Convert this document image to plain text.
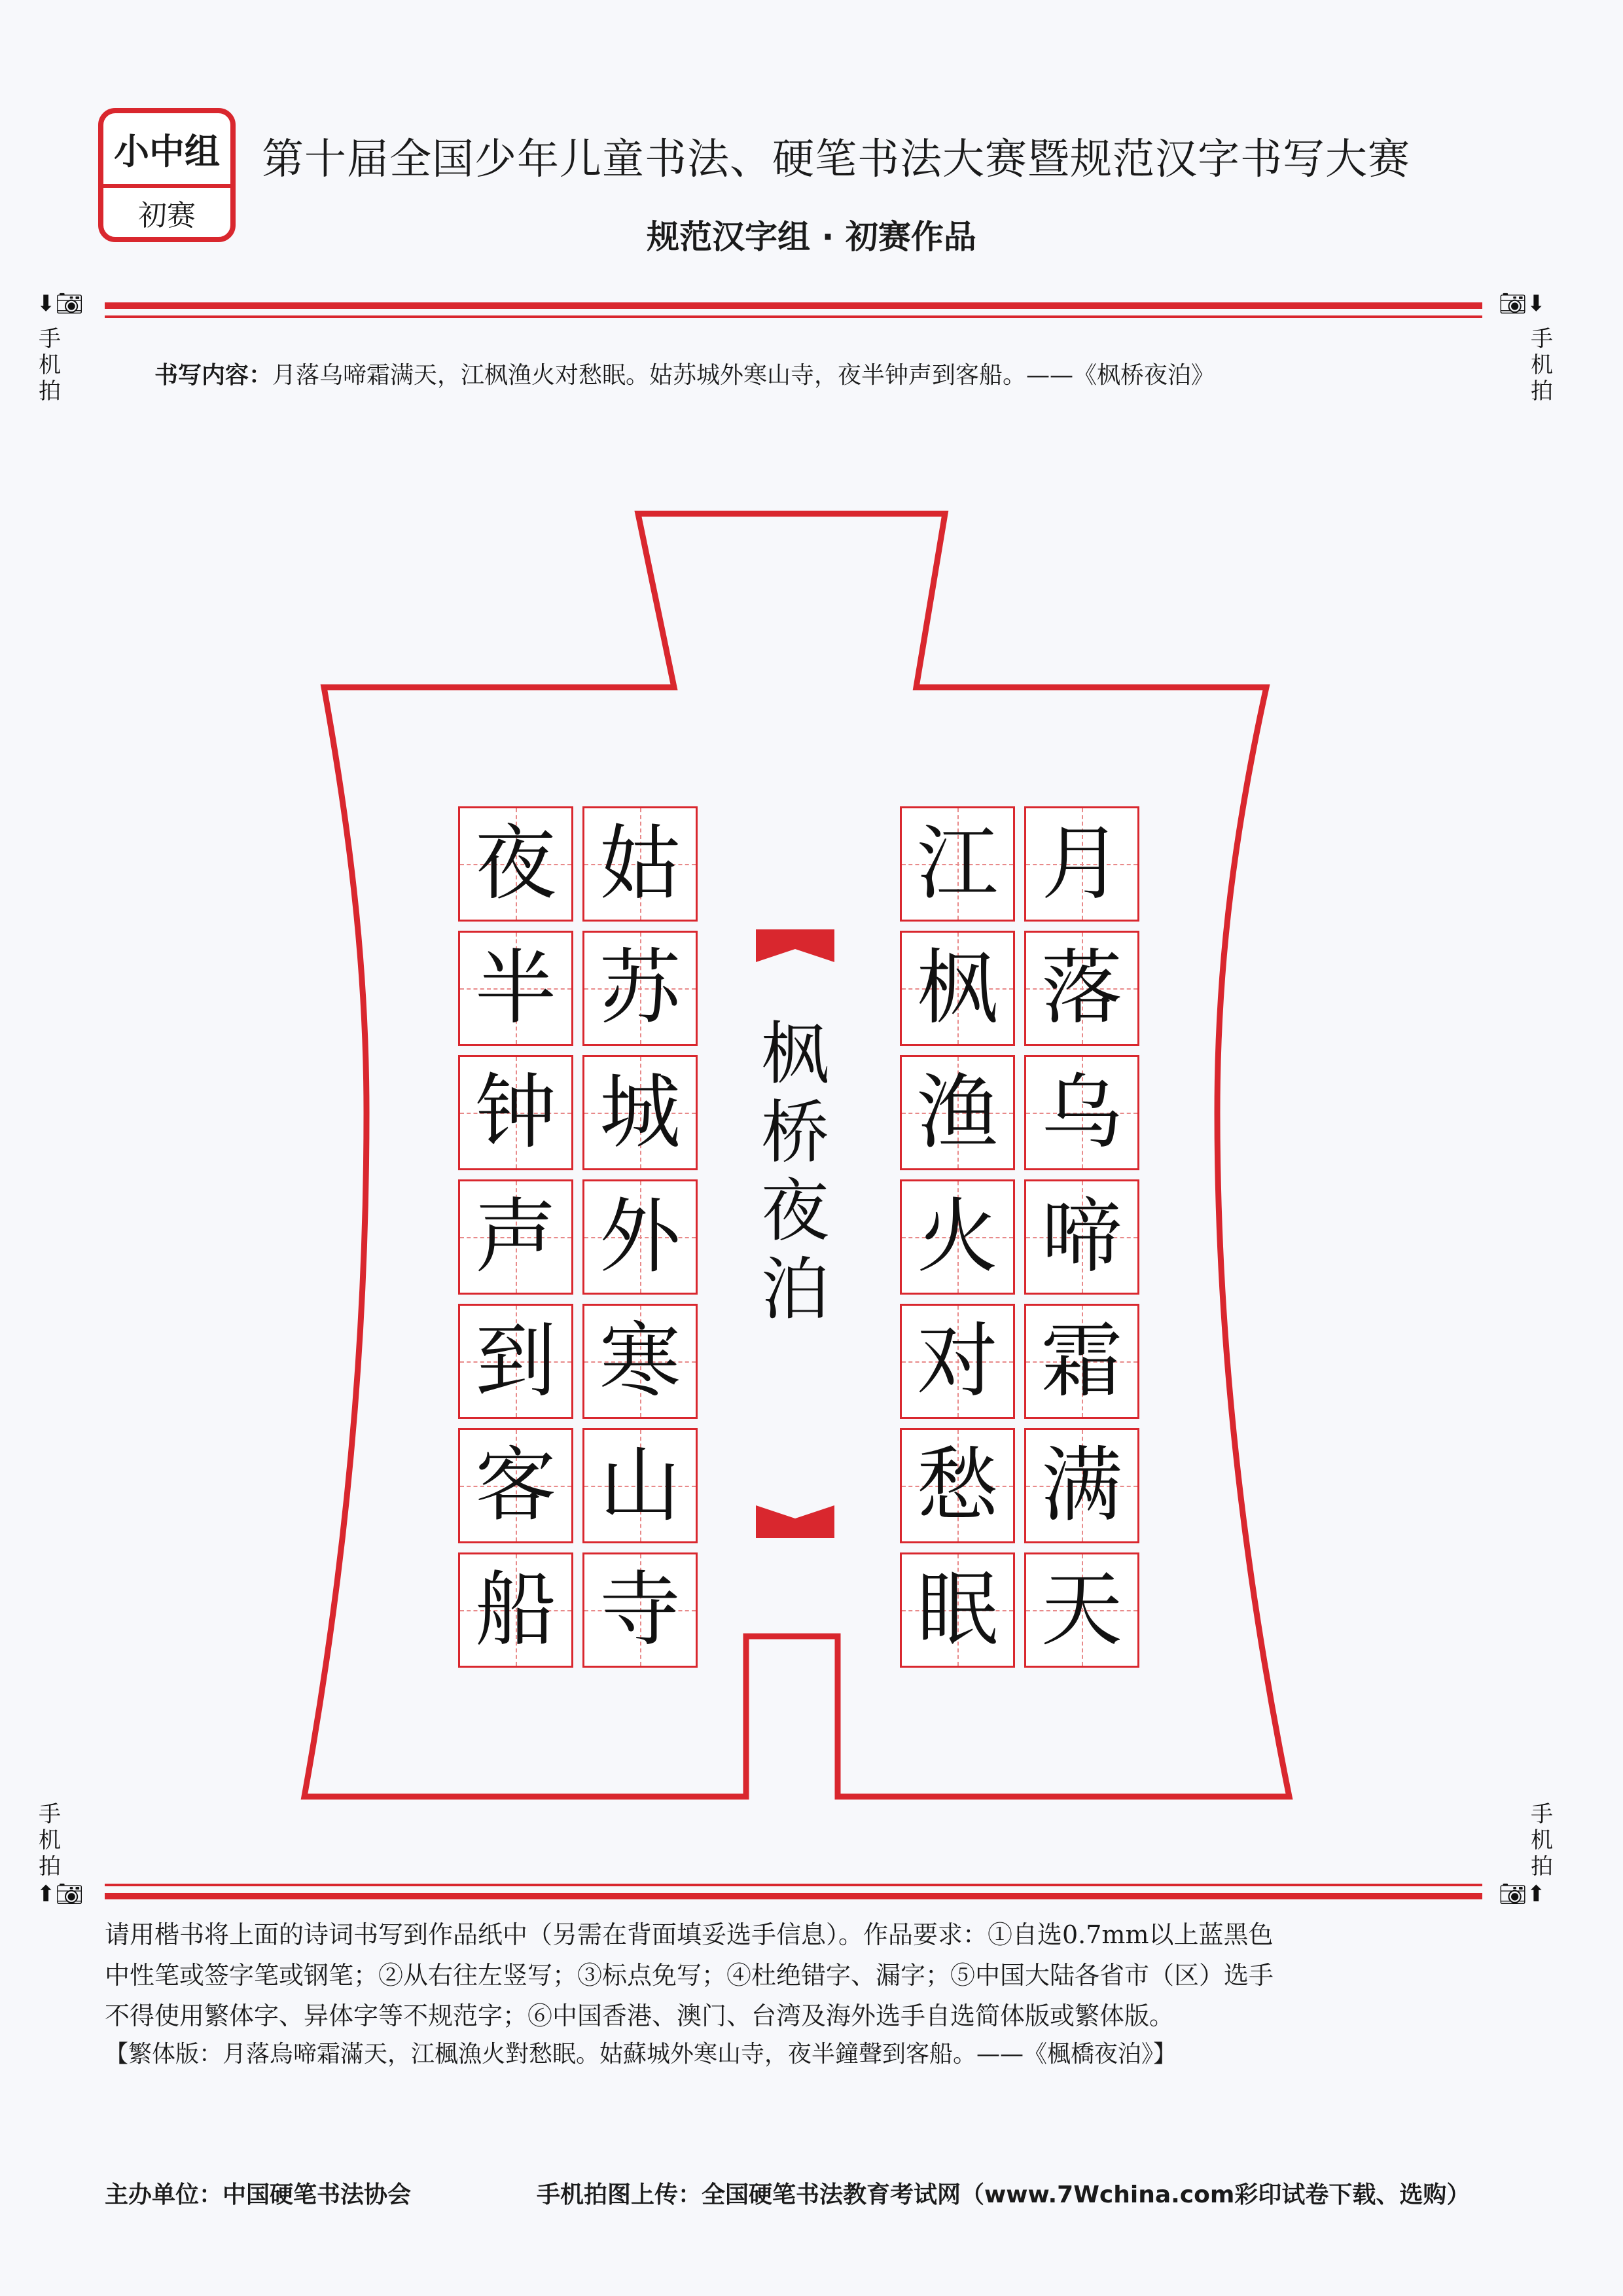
小中组
初赛
第十届全国少年儿童书法、硬笔书法大赛暨规范汉字书写大赛
规范汉字组 · 初赛作品
⬇📷︎
手
机
拍
📷︎⬇
手
机
拍
书写内容：月落乌啼霜满天，江枫渔火对愁眠。姑苏城外寒山寺，夜半钟声到客船。——《枫桥夜泊》
月
落
乌
啼
霜
满
天
江
枫
渔
火
对
愁
眠
姑
苏
城
外
寒
山
寺
夜
半
钟
声
到
客
船
枫
桥
夜
泊
手
机
拍
⬆📷︎
手
机
拍
📷︎⬆

请用楷书将上面的诗词书写到作品纸中（另需在背面填妥选手信息）。作品要求：①自选0.7mm以上蓝黑色

中性笔或签字笔或钢笔；②从右往左竖写；③标点免写；④杜绝错字、漏字；⑤中国大陆各省市（区）选手

不得使用繁体字、异体字等不规范字；⑥中国香港、澳门、台湾及海外选手自选简体版或繁体版。

【繁体版：月落烏啼霜滿天，江楓漁火對愁眠。姑蘇城外寒山寺，夜半鐘聲到客船。——《楓橋夜泊》】
主办单位：中国硬笔书法协会	手机拍图上传：全国硬笔书法教育考试网（www.7Wchina.com彩印试卷下载、选购）
